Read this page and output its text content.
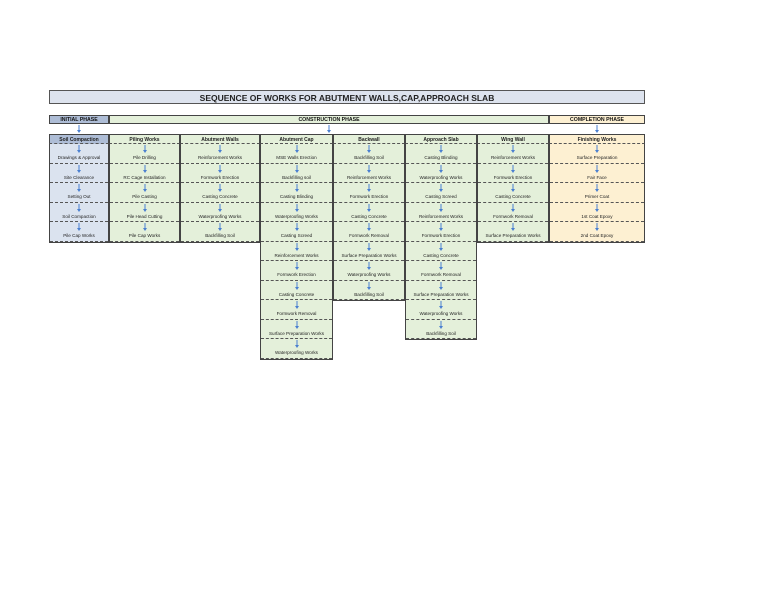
SEQUENCE OF WORKS FOR ABUTMENT WALLS,CAP,APPROACH SLAB
INITIAL PHASE	CONSTRUCTION PHASE	COMPLETION PHASE
Soil Compaction
Drawings & Approval
Site Clearance
Setting Out
Soil Compaction
Pile Cap Works
Piling Works
Pile Drilling
RC Cage Installation
Pile Casting
Pile Head Cutting
Pile Cap Works
Abutment Walls
Reinforcement Works
Formwork Erection
Casting Concrete
Waterproofing Works
Backfilling Soil
Abutment Cap
MSE Walls Erection
Backfilling soil
Casting Blinding
Waterproofing Works
Casting Screed
Reinforcement Works
Formwork Erection
Casting Concrete
Formwork Removal
Surface Preparation Works
Waterproofing Works
Backwall
Backfilling Soil
Reinforcement Works
Formwork Erection
Casting Concrete
Formwork Removal
Surface Preparation Works
Waterproofing Works
Backfilling Soil
Approach Slab
Casting Blinding
Waterproofing Works
Casting Screed
Reinforcement Works
Formwork Erection
Casting Concrete
Formwork Removal
Surface Preparation Works
Waterproofing Works
Backfilling Soil
Wing Wall
Reinforcement Works
Formwork Erection
Casting Concrete
Formwork Removal
Surface Preparation Works
Finishing Works
Surface Preparation
Fair Face
Primer Coat
1st Coat Epoxy
2nd Coat Epoxy
